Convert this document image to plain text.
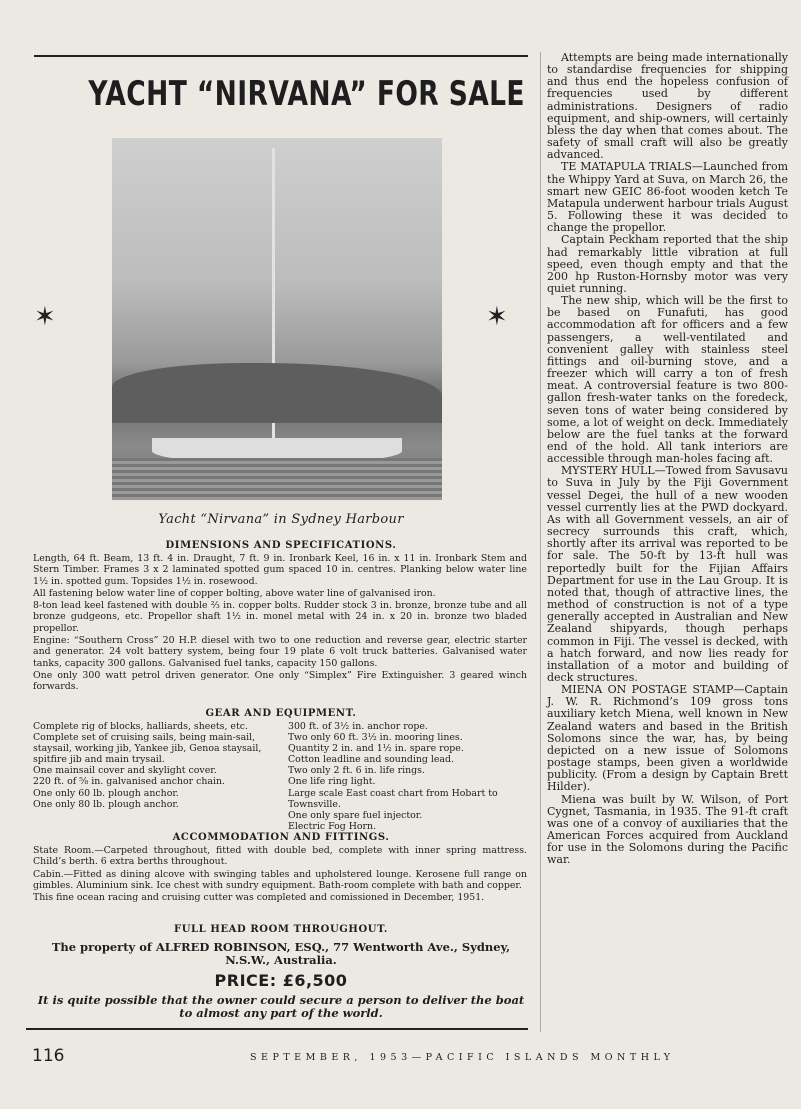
YACHT “NIRVANA” FOR SALE
✶	✶
Yacht “Nirvana” in Sydney Harbour
DIMENSIONS AND SPECIFICATIONS.

Length, 64 ft. Beam, 13 ft. 4 in. Draught, 7 ft. 9 in. Ironbark Keel, 16 in. x 11 in. Ironbark Stem and Stern Timber. Frames 3 x 2 laminated spotted gum spaced 10 in. centres. Planking below water line 1½ in. spotted gum. Topsides 1½ in. rosewood.

All fastening below water line of copper bolting, above water line of galvanised iron.

8-ton lead keel fastened with double ⅔ in. copper bolts. Rudder stock 3 in. bronze, bronze tube and all bronze gudgeons, etc. Propellor shaft 1½ in. monel metal with 24 in. x 20 in. bronze two bladed propellor.

Engine: “Southern Cross” 20 H.P. diesel with two to one reduction and reverse gear, electric starter and generator. 24 volt battery system, being four 19 plate 6 volt truck batteries. Galvanised water tanks, capacity 300 gallons. Galvanised fuel tanks, capacity 150 gallons.

One only 300 watt petrol driven generator. One only “Simplex” Fire Extinguisher. 3 geared winch forwards.

GEAR AND EQUIPMENT.

Complete rig of blocks, halliards, sheets, etc.

Complete set of cruising sails, being main-sail, staysail, working jib, Yankee jib, Genoa staysail, spitfire jib and main trysail.

One mainsail cover and skylight cover.

220 ft. of ⅝ in. galvanised anchor chain.

One only 60 lb. plough anchor.

One only 80 lb. plough anchor.

300 ft. of 3½ in. anchor rope.

Two only 60 ft. 3½ in. mooring lines.

Quantity 2 in. and 1½ in. spare rope.

Cotton leadline and sounding lead.

Two only 2 ft. 6 in. life rings.

One life ring light.

Large scale East coast chart from Hobart to Townsville.

One only spare fuel injector.

Electric Fog Horn.

ACCOMMODATION AND FITTINGS.

State Room.—Carpeted throughout, fitted with double bed, complete with inner spring mattress. Child’s berth. 6 extra berths throughout.

Cabin.—Fitted as dining alcove with swinging tables and upholstered lounge. Kerosene full range on gimbles. Aluminium sink. Ice chest with sundry equipment. Bath-room complete with bath and copper.

This fine ocean racing and cruising cutter was completed and comissioned in December, 1951.

FULL HEAD ROOM THROUGHOUT.
The property of ALFRED ROBINSON, ESQ., 77 Wentworth Ave., Sydney, N.S.W., Australia.
PRICE: £6,500
It is quite possible that the owner could secure a person to deliver the boat to almost any part of the world.

Attempts are being made internationally to standardise frequencies for shipping and thus end the hopeless confusion of frequencies used by different administrations. Designers of radio equipment, and ship-owners, will certainly bless the day when that comes about. The safety of small craft will also be greatly advanced.

TE MATAPULA TRIALS—Launched from the Whippy Yard at Suva, on March 26, the smart new GEIC 86-foot wooden ketch Te Matapula underwent harbour trials August 5. Following these it was decided to change the propellor.

Captain Peckham reported that the ship had remarkably little vibration at full speed, even though empty and that the 200 hp Ruston-Hornsby motor was very quiet running.

The new ship, which will be the first to be based on Funafuti, has good accommodation aft for officers and a few passengers, a well-ventilated and convenient galley with stainless steel fittings and oil-burning stove, and a freezer which will carry a ton of fresh meat. A controversial feature is two 800-gallon fresh-water tanks on the foredeck, seven tons of water being considered by some, a lot of weight on deck. Immediately below are the fuel tanks at the forward end of the hold. All tank interiors are accessible through man-holes facing aft.

MYSTERY HULL—Towed from Savusavu to Suva in July by the Fiji Government vessel Degei, the hull of a new wooden vessel currently lies at the PWD dockyard. As with all Government vessels, an air of secrecy surrounds this craft, which, shortly after its arrival was reported to be for sale. The 50-ft by 13-ft hull was reportedly built for the Fijian Affairs Department for use in the Lau Group. It is noted that, though of attractive lines, the method of construction is not of a type generally accepted in Australian and New Zealand shipyards, though perhaps common in Fiji. The vessel is decked, with a hatch forward, and now lies ready for installation of a motor and building of deck structures.

MIENA ON POSTAGE STAMP—Captain J. W. R. Richmond’s 109 gross tons auxiliary ketch Miena, well known in New Zealand waters and based in the British Solomons since the war, has, by being depicted on a new issue of Solomons postage stamps, been given a worldwide publicity. (From a design by Captain Brett Hilder).

Miena was built by W. Wilson, of Port Cygnet, Tasmania, in 1935. The 91-ft craft was one of a convoy of auxiliaries that the American Forces acquired from Auckland for use in the Solomons during the Pacific war.

116	SEPTEMBER, 1953—PACIFIC ISLANDS MONTHLY
